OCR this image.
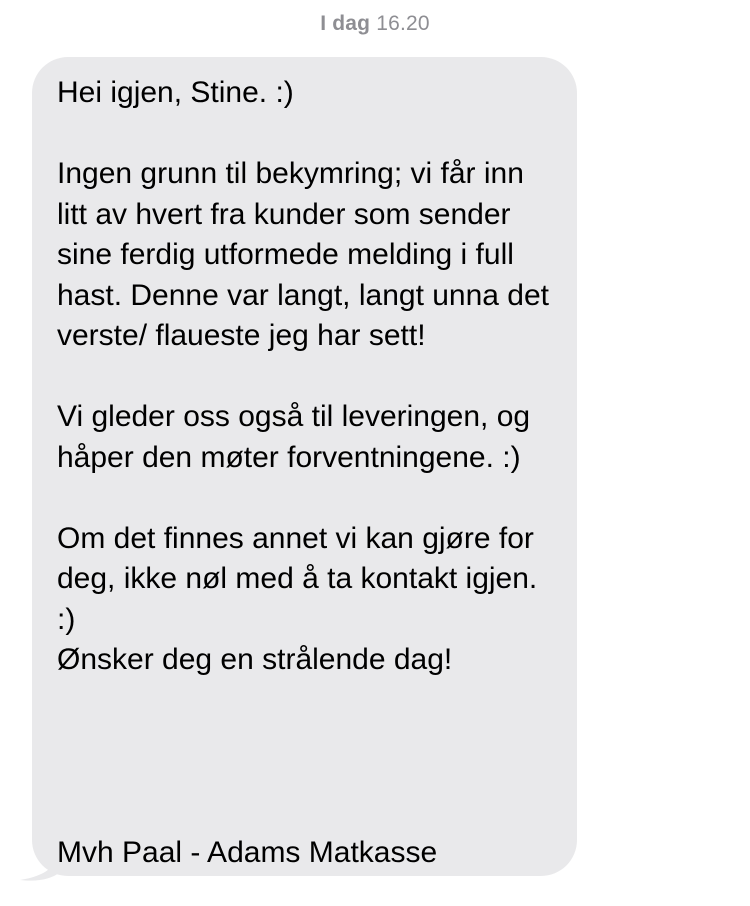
I dag 16.20

Hei igjen, Stine. :)

Ingen grunn til bekymring; vi får inn litt av hvert fra kunder som sender sine ferdig utformede melding i full hast. Denne var langt, langt unna det verste/ flaueste jeg har sett!

Vi gleder oss også til leveringen, og håper den møter forventningene. :)

Om det finnes annet vi kan gjøre for deg, ikke nøl med å ta kontakt igjen. :)
Ønsker deg en strålende dag!

Mvh Paal - Adams Matkasse
